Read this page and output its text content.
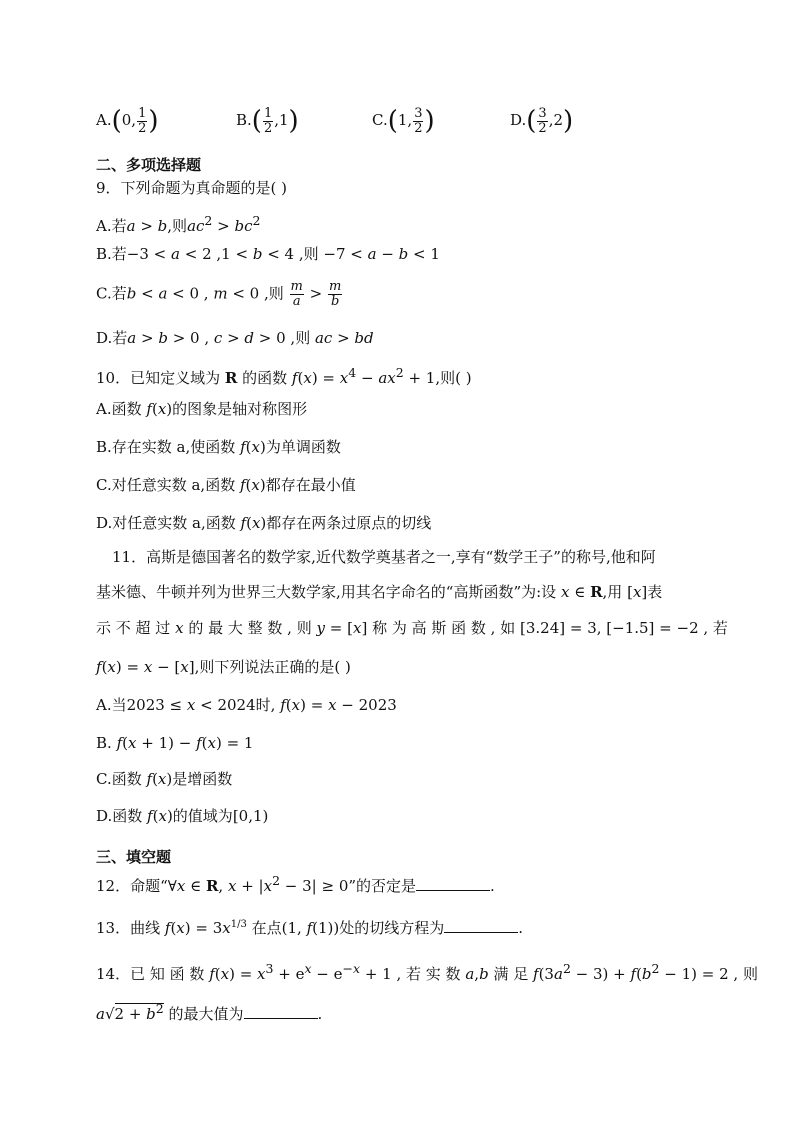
A.(0, $\frac{1}{2}$ )	$B.( \frac{1}{2} ,1)$	C.(1, $\frac{3}{2}$ )	$D.( \frac{3}{2} ,2)$
二、多项选择题
9．下列命题为真命题的是( )
A.若a > b,则$ac^2 > bc^2$
B.若−3 < a < 2 ,1 < b < 4 ,则 −7 < a − b < 1
C.若b < a < 0 , m < 0 ,则 $\frac{m}{a} > \frac{m}{b}$
D.若a > b > 0 , c > d > 0 ,则 ac > bd
10．已知定义域为 R 的函数 $f(x) = x^4 - ax^2 + 1$,则( )
A.函数 f(x)的图象是轴对称图形
B.存在实数 a,使函数 f(x)为单调函数
C.对任意实数 a,函数 f(x)都存在最小值
D.对任意实数 a,函数 f(x)都存在两条过原点的切线
11．高斯是德国著名的数学家,近代数学奠基者之一,享有“数学王子”的称号,他和阿
基米德、牛顿并列为世界三大数学家,用其名字命名的“高斯函数”为:设 x ∈ R,用 [x]表
示 不 超 过 x 的 最 大 整 数 , 则 y = [x] 称 为 高 斯 函 数 , 如 [3.24] = 3, [−1.5] = −2 , 若
f(x) = x − [x],则下列说法正确的是( )
A.当2023 ≤ x < 2024时, f(x) = x − 2023
B. f(x + 1) − f(x) = 1
C.函数 f(x)是增函数
D.函数 f(x)的值域为[0,1)
三、填空题
12．命题“∀x ∈ R, $x + |x^2 - 3| \ge 0$”的否定是	.
13．曲线 $f(x) = 3x^{1/3}$ 在点(1, f(1))处的切线方程为	.
14．已 知 函 数 $f(x) = x^3 + e^x - e^{-x} + 1$ , 若 实 数 a,b 满 足 $f(3a^2 - 3) + f(b^2 - 1) = 2$ , 则
$a√2 + b^2$ 的最大值为	.
